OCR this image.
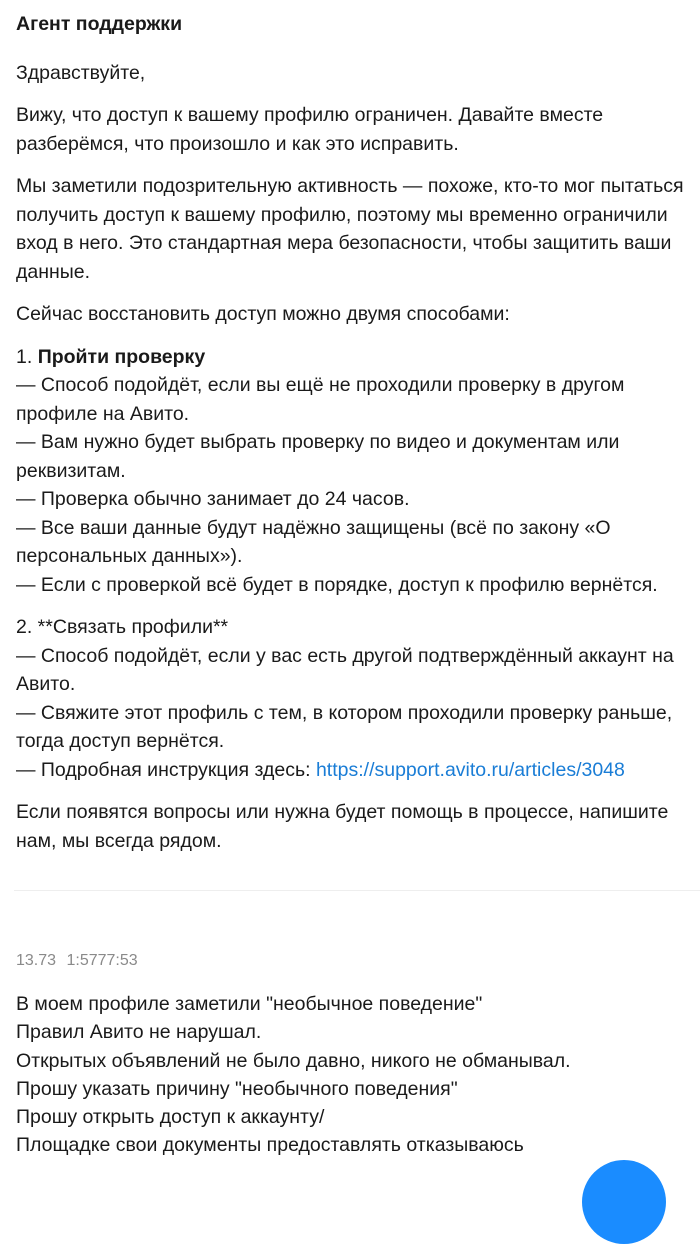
Агент поддержки

Здравствуйте,

Вижу, что доступ к вашему профилю ограничен. Давайте вместе
разберёмся, что произошло и как это исправить.

Мы заметили подозрительную активность — похоже, кто-то мог пытаться
получить доступ к вашему профилю, поэтому мы временно ограничили
вход в него. Это стандартная мера безопасности, чтобы защитить ваши
данные.

Сейчас восстановить доступ можно двумя способами:

1. Пройти проверку
— Способ подойдёт, если вы ещё не проходили проверку в другом
профиле на Авито.
— Вам нужно будет выбрать проверку по видео и документам или
реквизитам.
— Проверка обычно занимает до 24 часов.
— Все ваши данные будут надёжно защищены (всё по закону «О
персональных данных»).
— Если с проверкой всё будет в порядке, доступ к профилю вернётся.

2. **Связать профили**
— Способ подойдёт, если у вас есть другой подтверждённый аккаунт на
Авито.
— Свяжите этот профиль с тем, в котором проходили проверку раньше,
тогда доступ вернётся.
— Подробная инструкция здесь: https://support.avito.ru/articles/3048

Если появятся вопросы или нужна будет помощь в процессе, напишите
нам, мы всегда рядом.

13.73 1:5777:53
В моем профиле заметили "необычное поведение"
Правил Авито не нарушал.
Открытых объявлений не было давно, никого не обманывал.
Прошу указать причину "необычного поведения"
Прошу открыть доступ к аккаунту/
Площадке свои документы предоставлять отказываюсь
